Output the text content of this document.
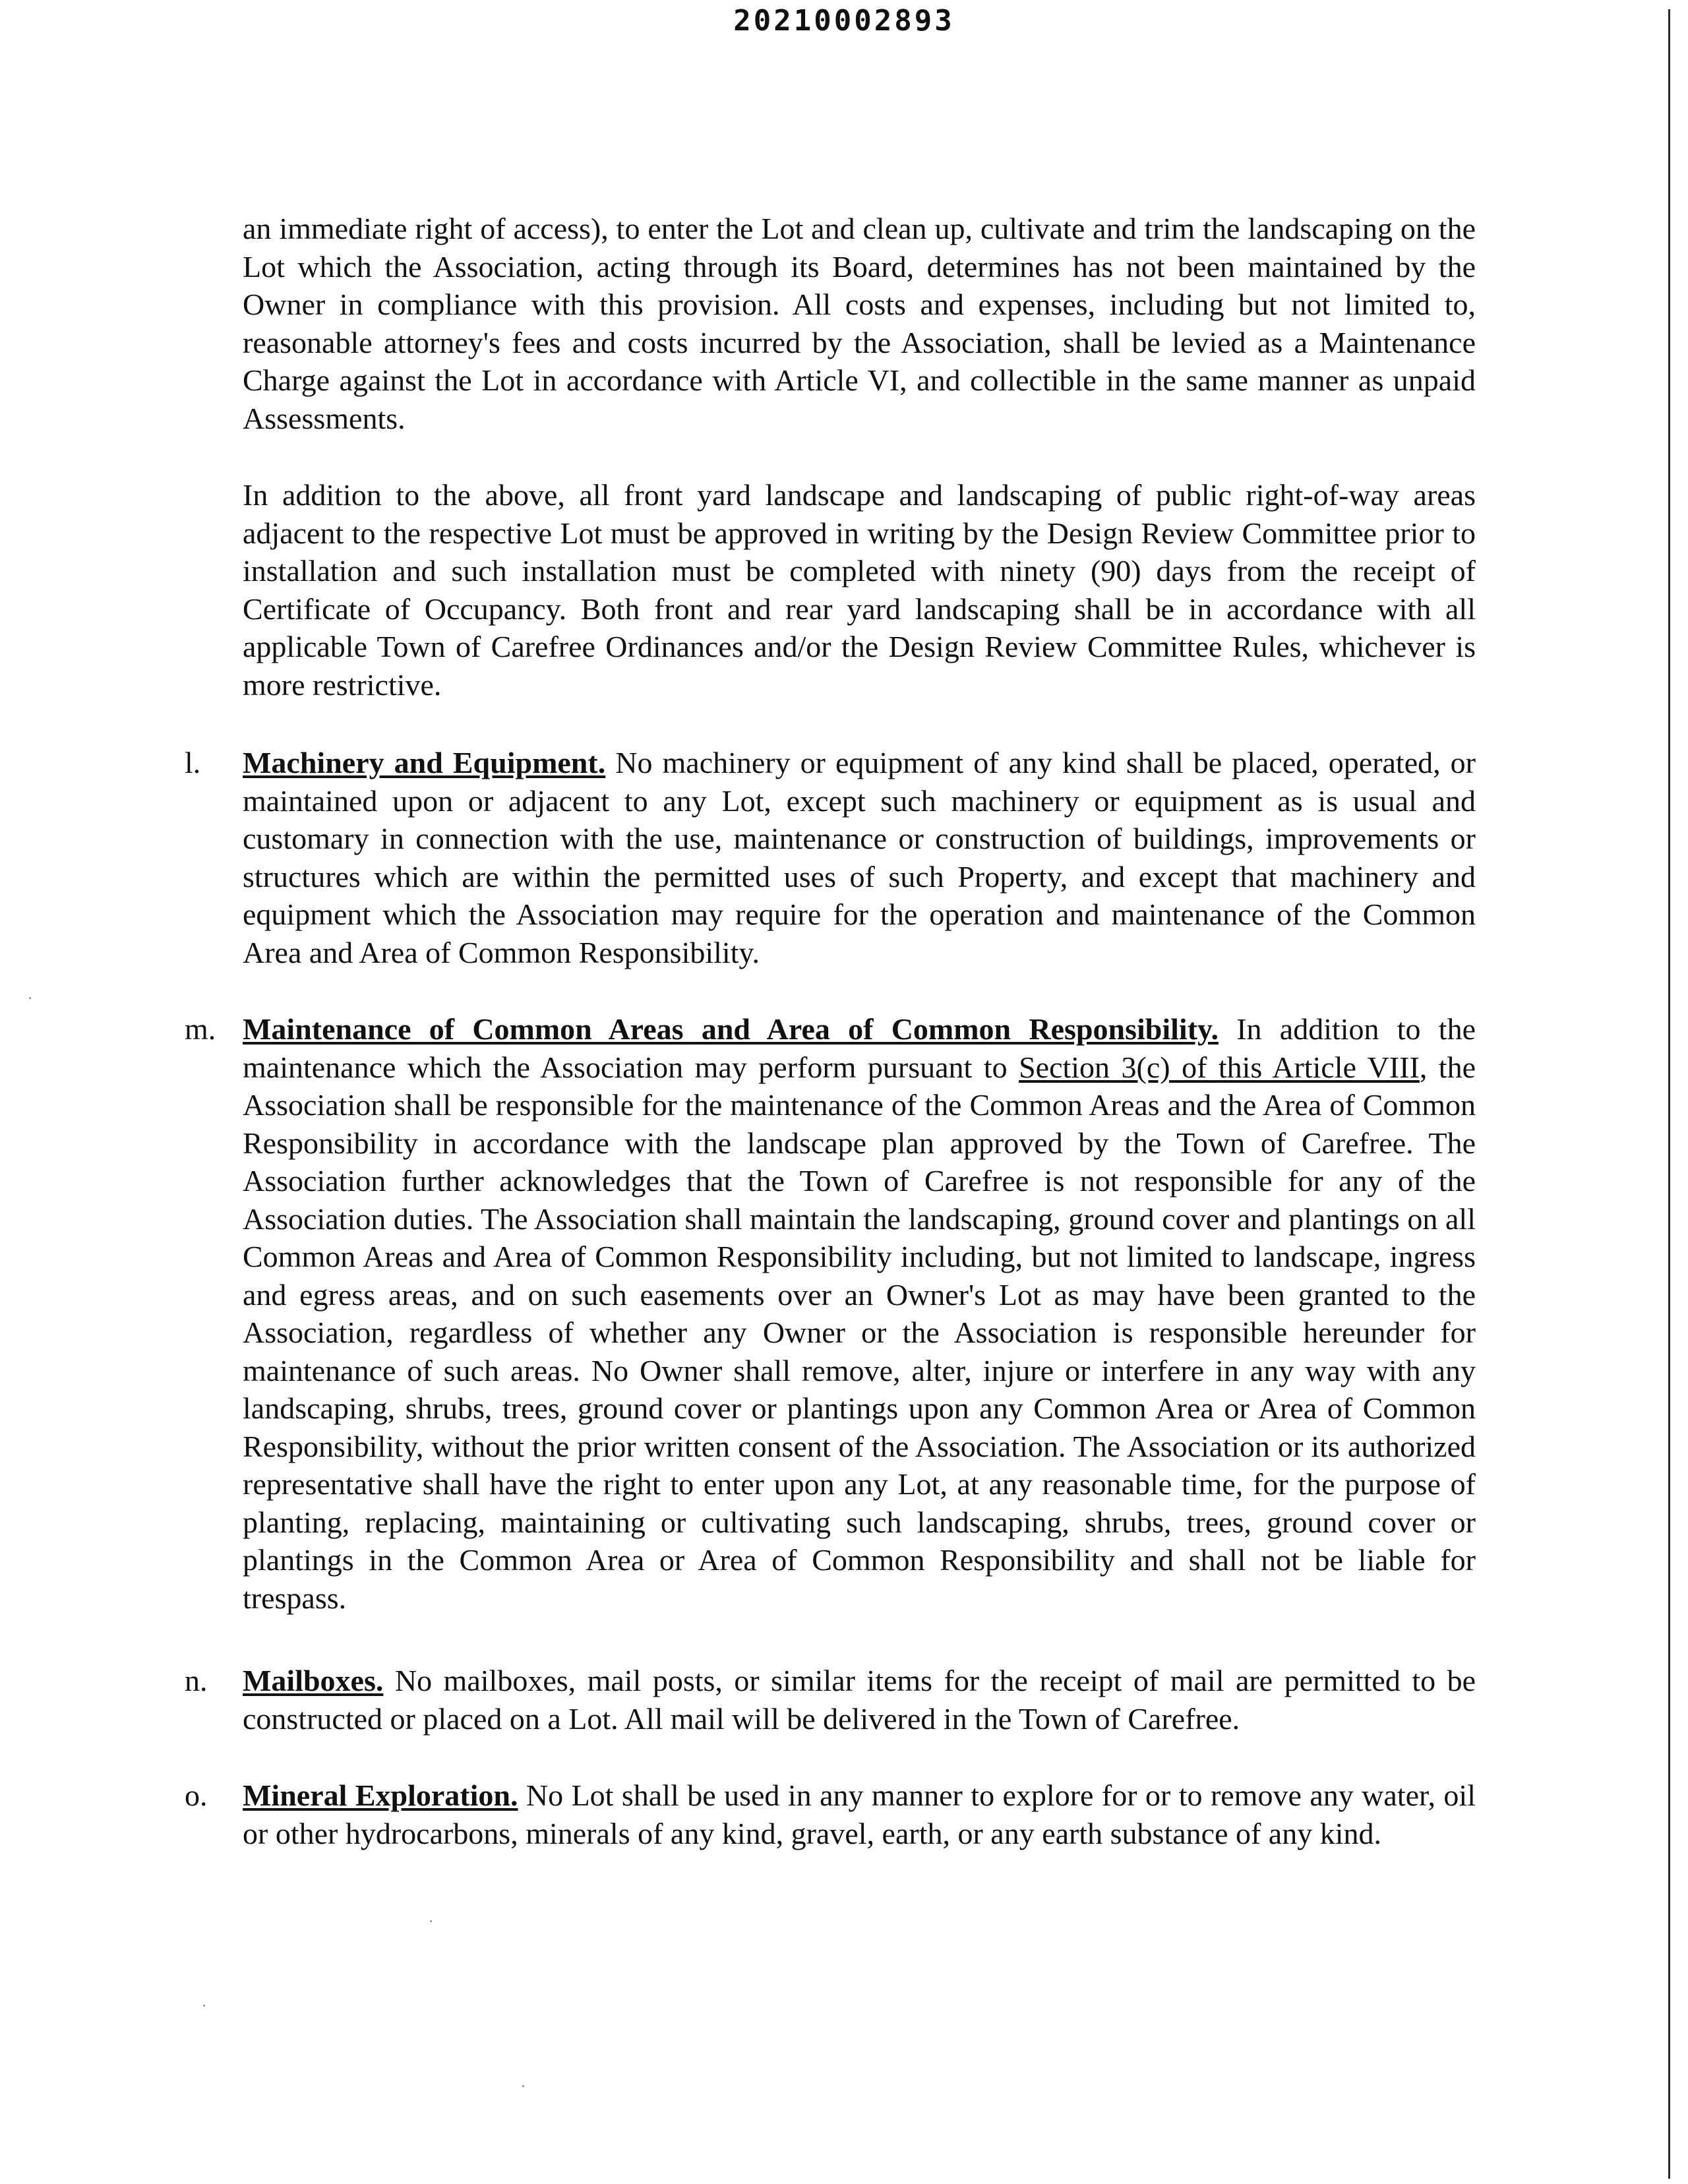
20210002893

an immediate right of access), to enter the Lot and clean up, cultivate and trim the landscaping on the Lot which the Association, acting through its Board, determines has not been maintained by the Owner in compliance with this provision. All costs and expenses, including but not limited to, reasonable attorney's fees and costs incurred by the Association, shall be levied as a Maintenance Charge against the Lot in accordance with Article VI, and collectible in the same manner as unpaid Assessments.

In addition to the above, all front yard landscape and landscaping of public right-of-way areas adjacent to the respective Lot must be approved in writing by the Design Review Committee prior to installation and such installation must be completed with ninety (90) days from the receipt of Certificate of Occupancy. Both front and rear yard landscaping shall be in accordance with all applicable Town of Carefree Ordinances and/or the Design Review Committee Rules, whichever is more restrictive.

l. Machinery and Equipment. No machinery or equipment of any kind shall be placed, operated, or maintained upon or adjacent to any Lot, except such machinery or equipment as is usual and customary in connection with the use, maintenance or construction of buildings, improvements or structures which are within the permitted uses of such Property, and except that machinery and equipment which the Association may require for the operation and maintenance of the Common Area and Area of Common Responsibility.
m. Maintenance of Common Areas and Area of Common Responsibility. In addition to the maintenance which the Association may perform pursuant to Section 3(c) of this Article VIII, the Association shall be responsible for the maintenance of the Common Areas and the Area of Common Responsibility in accordance with the landscape plan approved by the Town of Carefree. The Association further acknowledges that the Town of Carefree is not responsible for any of the Association duties. The Association shall maintain the landscaping, ground cover and plantings on all Common Areas and Area of Common Responsibility including, but not limited to landscape, ingress and egress areas, and on such easements over an Owner's Lot as may have been granted to the Association, regardless of whether any Owner or the Association is responsible hereunder for maintenance of such areas. No Owner shall remove, alter, injure or interfere in any way with any landscaping, shrubs, trees, ground cover or plantings upon any Common Area or Area of Common Responsibility, without the prior written consent of the Association. The Association or its authorized representative shall have the right to enter upon any Lot, at any reasonable time, for the purpose of planting, replacing, maintaining or cultivating such landscaping, shrubs, trees, ground cover or plantings in the Common Area or Area of Common Responsibility and shall not be liable for trespass.
n. Mailboxes. No mailboxes, mail posts, or similar items for the receipt of mail are permitted to be constructed or placed on a Lot. All mail will be delivered in the Town of Carefree.
o. Mineral Exploration. No Lot shall be used in any manner to explore for or to remove any water, oil or other hydrocarbons, minerals of any kind, gravel, earth, or any earth substance of any kind.
